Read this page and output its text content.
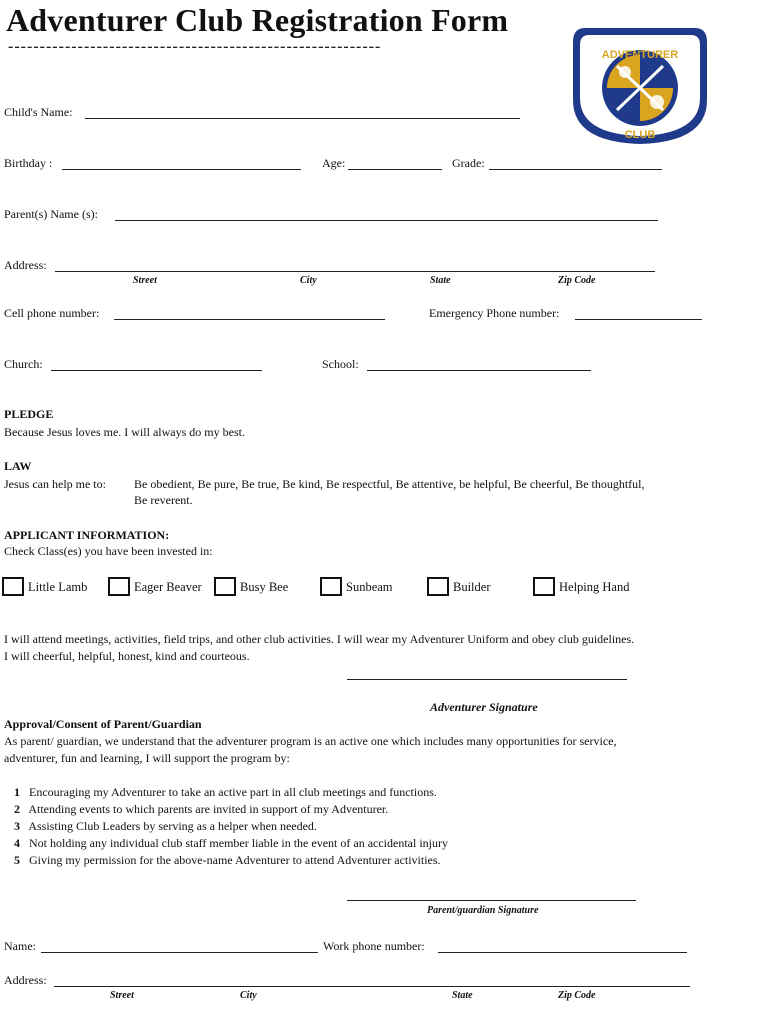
Adventurer Club Registration Form
-----------------------------------------------------------	ADVENTURER
CLUB
Child's Name:
Birthday :	Age:	Grade:
Parent(s) Name (s):
Address:
Street	City	State	Zip Code
Cell phone number:	Emergency Phone number:
Church:	School:
PLEDGE
Because Jesus loves me. I will always do my best.
LAW
Jesus can help me to: Be obedient, Be pure, Be true, Be kind, Be respectful, Be attentive, be helpful, Be cheerful, Be thoughtful,
Be reverent.
APPLICANT INFORMATION:
Check Class(es) you have been invested in:
Little Lamb	Eager Beaver	Busy Bee	Sunbeam	Builder	Helping Hand
I will attend meetings, activities, field trips, and other club activities. I will wear my Adventurer Uniform and obey club guidelines.
I will cheerful, helpful, honest, kind and courteous.
Adventurer Signature
Approval/Consent of Parent/Guardian
As parent/ guardian, we understand that the adventurer program is an active one which includes many opportunities for service,
adventurer, fun and learning, I will support the program by:
1 Encouraging my Adventurer to take an active part in all club meetings and functions.
2 Attending events to which parents are invited in support of my Adventurer.
3 Assisting Club Leaders by serving as a helper when needed.
4 Not holding any individual club staff member liable in the event of an accidental injury
5 Giving my permission for the above-name Adventurer to attend Adventurer activities.
Parent/guardian Signature
Name:	Work phone number:
Address:
Street	City	State	Zip Code
